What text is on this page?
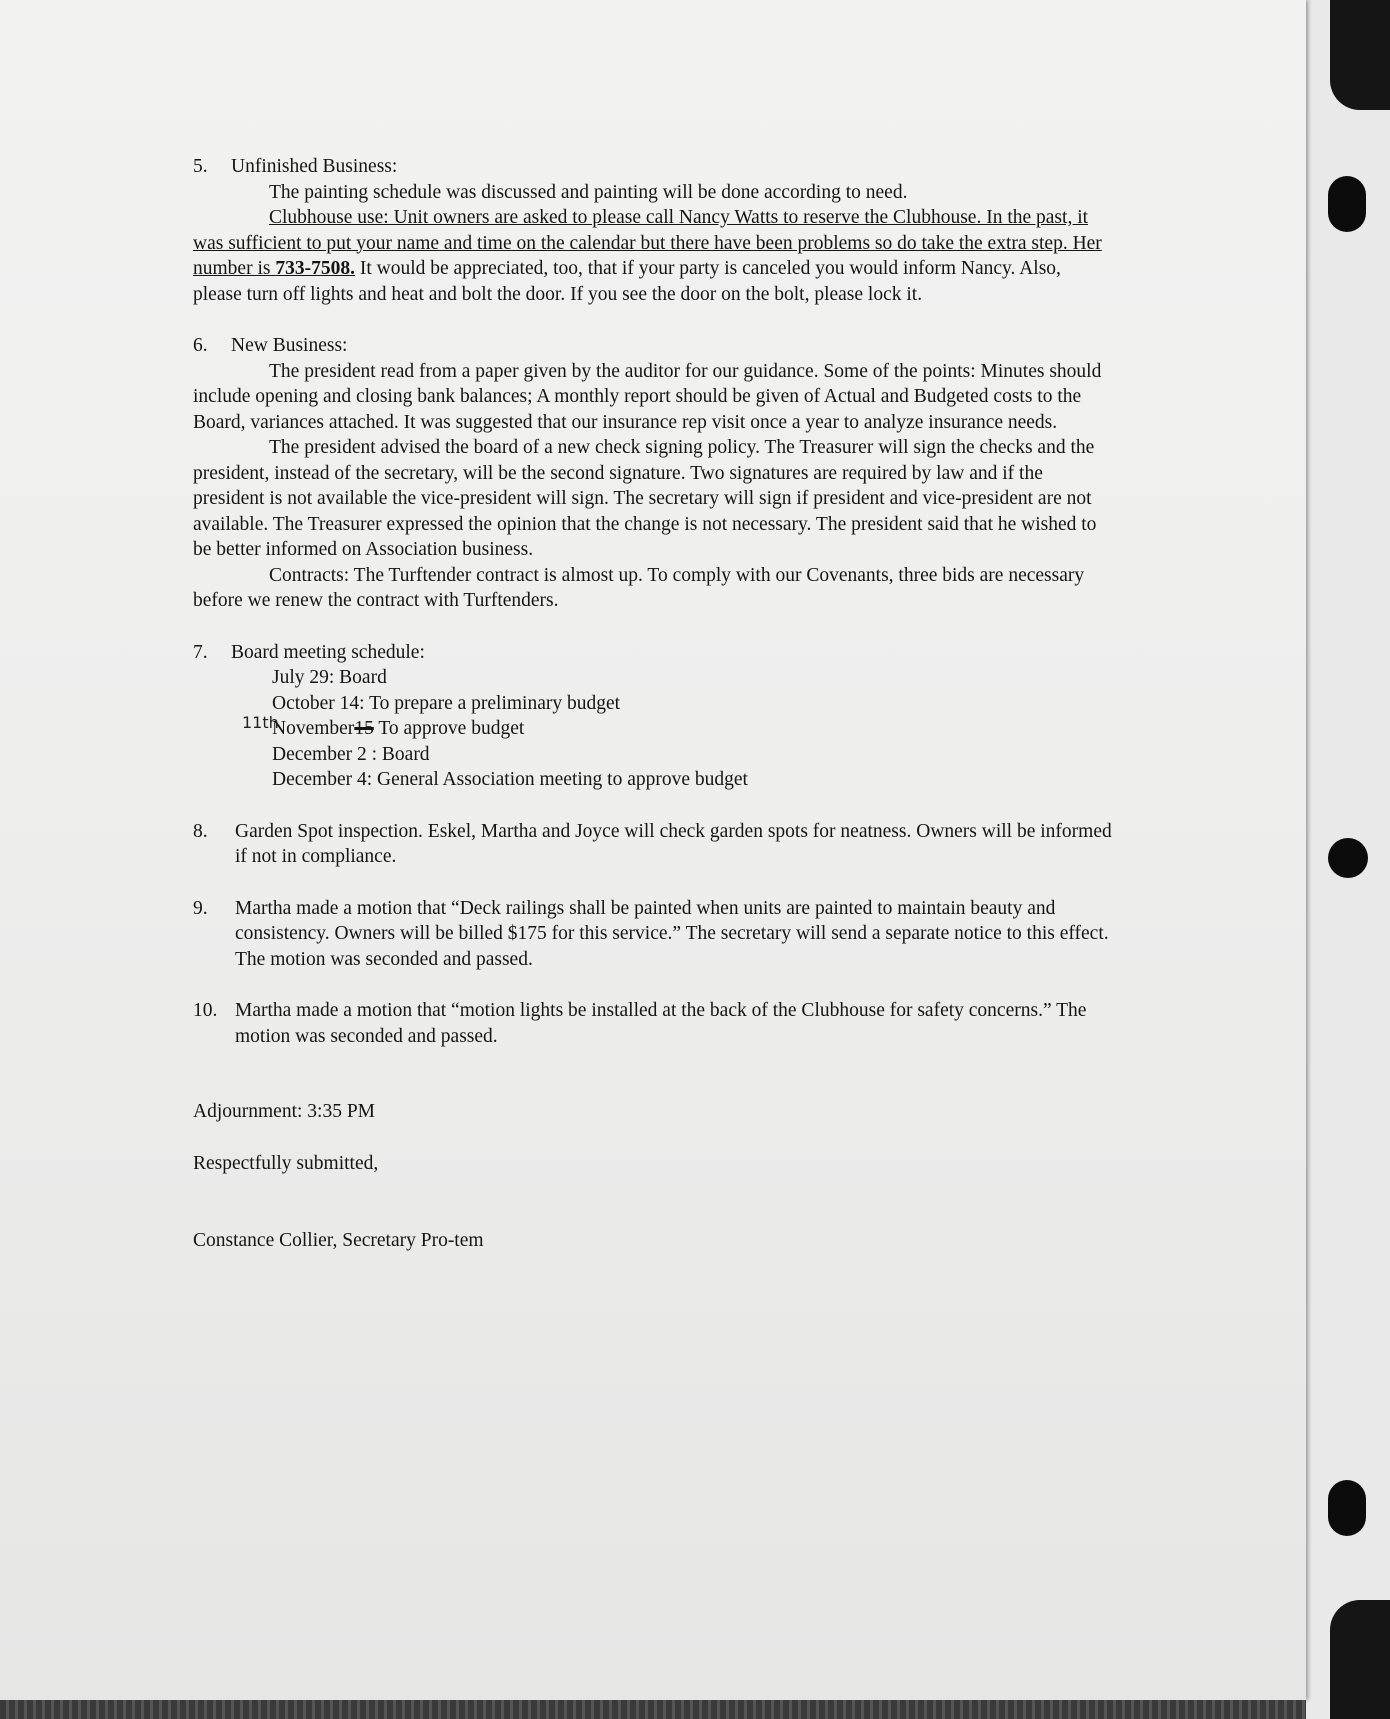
5.	Unfinished Business:
The painting schedule was discussed and painting will be done according to need.
Clubhouse use: Unit owners are asked to please call Nancy Watts to reserve the Clubhouse. In the past, it was sufficient to put your name and time on the calendar but there have been problems so do take the extra step. Her number is 733-7508. It would be appreciated, too, that if your party is canceled you would inform Nancy. Also, please turn off lights and heat and bolt the door. If you see the door on the bolt, please lock it.
6.	New Business:
The president read from a paper given by the auditor for our guidance. Some of the points: Minutes should include opening and closing bank balances; A monthly report should be given of Actual and Budgeted costs to the Board, variances attached. It was suggested that our insurance rep visit once a year to analyze insurance needs.
The president advised the board of a new check signing policy. The Treasurer will sign the checks and the president, instead of the secretary, will be the second signature. Two signatures are required by law and if the president is not available the vice-president will sign. The secretary will sign if president and vice-president are not available. The Treasurer expressed the opinion that the change is not necessary. The president said that he wished to be better informed on Association business.
Contracts: The Turftender contract is almost up. To comply with our Covenants, three bids are necessary before we renew the contract with Turftenders.
7.	Board meeting schedule:
July 29: Board
October 14: To prepare a preliminary budget
11th
November15 To approve budget
December 2 : Board
December 4: General Association meeting to approve budget
8.	Garden Spot inspection. Eskel, Martha and Joyce will check garden spots for neatness. Owners will be informed if not in compliance.
9.	Martha made a motion that “Deck railings shall be painted when units are painted to maintain beauty and consistency. Owners will be billed $175 for this service.” The secretary will send a separate notice to this effect. The motion was seconded and passed.
10. Martha made a motion that “motion lights be installed at the back of the Clubhouse for safety concerns.” The motion was seconded and passed.
Adjournment: 3:35 PM
Respectfully submitted,
Constance Collier, Secretary Pro-tem
